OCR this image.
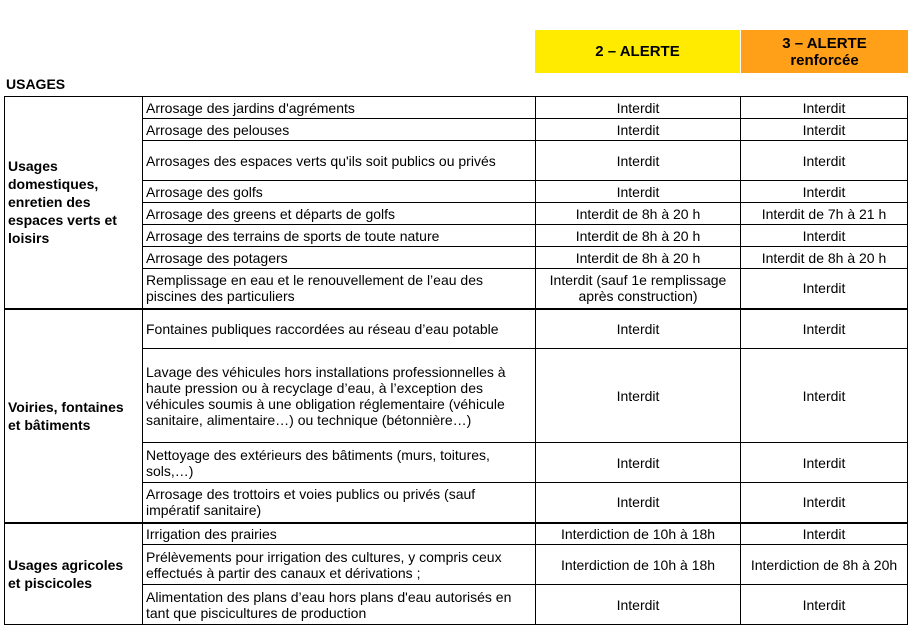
2 – ALERTE	3 – ALERTE renforcée
USAGES
Usages domestiques, enretien des espaces verts et loisirs	Arrosage des jardins d'agréments	Interdit	Interdit
	Arrosage des pelouses	Interdit	Interdit
	Arrosages des espaces verts qu'ils soit publics ou privés	Interdit	Interdit
	Arrosage des golfs	Interdit	Interdit
	Arrosage des greens et départs de golfs	Interdit de 8h à 20 h	Interdit de 7h à 21 h
	Arrosage des terrains de sports de toute nature	Interdit de 8h à 20 h	Interdit
	Arrosage des potagers	Interdit de 8h à 20 h	Interdit de 8h à 20 h
	Remplissage en eau et le renouvellement de l’eau des piscines des particuliers	Interdit (sauf 1e remplissage après construction)	Interdit
Voiries, fontaines et bâtiments	Fontaines publiques raccordées au réseau d’eau potable	Interdit	Interdit
	Lavage des véhicules hors installations professionnelles à haute pression ou à recyclage d’eau, à l’exception des véhicules soumis à une obligation réglementaire (véhicule sanitaire, alimentaire…) ou technique (bétonnière…)	Interdit	Interdit
	Nettoyage des extérieurs des bâtiments (murs, toitures, sols,…)	Interdit	Interdit
	Arrosage des trottoirs et voies publics ou privés (sauf impératif sanitaire)	Interdit	Interdit
Usages agricoles et piscicoles	Irrigation des prairies	Interdiction de 10h à 18h	Interdit
	Prélèvements pour irrigation des cultures, y compris ceux effectués à partir des canaux et dérivations ;	Interdiction de 10h à 18h	Interdiction de 8h à 20h
	Alimentation des plans d’eau hors plans d'eau autorisés en tant que piscicultures de production	Interdit	Interdit
